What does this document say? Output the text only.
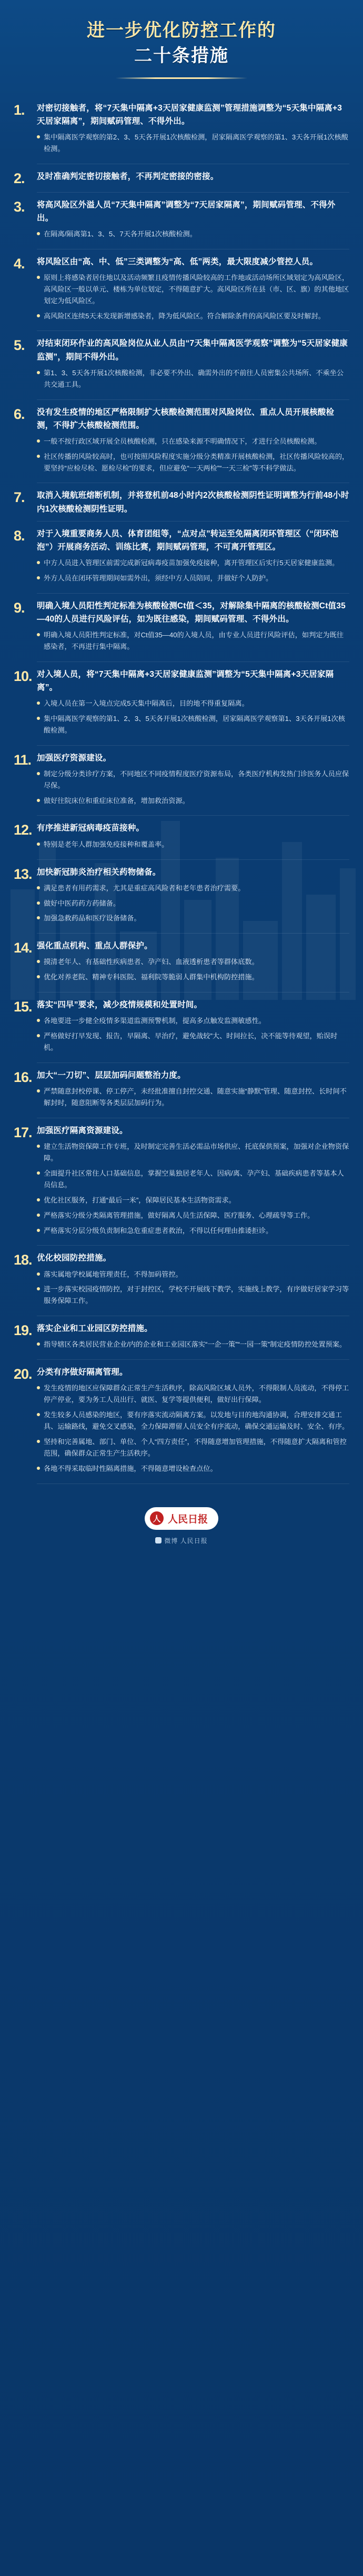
进一步优化防控工作的
二十条措施
1.	对密切接触者，将“7天集中隔离+3天居家健康监测”管理措施调整为“5天集中隔离+3天居家隔离”，期间赋码管理、不得外出。
集中隔离医学观察的第2、3、5天各开展1次核酸检测，居家隔离医学观察的第1、3天各开展1次核酸检测。
2.	及时准确判定密切接触者，不再判定密接的密接。
3.	将高风险区外溢人员“7天集中隔离”调整为“7天居家隔离”，期间赋码管理、不得外出。
在隔离/隔离第1、3、5、7天各开展1次核酸检测。
4.	将风险区由“高、中、低”三类调整为“高、低”两类，最大限度减少管控人员。
原则上将感染者居住地以及活动频繁且疫情传播风险较高的工作地或活动场所区域划定为高风险区，高风险区一般以单元、楼栋为单位划定，不得随意扩大。高风险区所在县（市、区、旗）的其他地区划定为低风险区。
高风险区连续5天未发现新增感染者，降为低风险区。符合解除条件的高风险区要及时解封。
5.	对结束闭环作业的高风险岗位从业人员由“7天集中隔离医学观察”调整为“5天居家健康监测”，期间不得外出。
第1、3、5天各开展1次核酸检测，非必要不外出、确需外出的不前往人员密集公共场所、不乘坐公共交通工具。
6.	没有发生疫情的地区严格限制扩大核酸检测范围对风险岗位、重点人员开展核酸检测，不得扩大核酸检测范围。
一般不按行政区域开展全员核酸检测，只在感染来源不明确情况下，才进行全员核酸检测。
社区传播的风险较高时，也可按照风险程度实施分级分类精准开展核酸检测，社区传播风险较高的，要坚持“应检尽检、愿检尽检”的要求，但应避免“一天两检”“一天三检”等不科学做法。
7.	取消入境航班熔断机制，并将登机前48小时内2次核酸检测阴性证明调整为行前48小时内1次核酸检测阴性证明。
8.	对于入境重要商务人员、体育团组等，“点对点”转运至免隔离闭环管理区（“闭环泡泡”）开展商务活动、训练比赛，期间赋码管理，不可离开管理区。
中方人员进入管理区前需完成新冠病毒疫苗加强免疫接种，离开管理区后实行5天居家健康监测。
外方人员在闭环管理期间如需外出，须经中方人员陪同，并做好个人防护。
9.	明确入境人员阳性判定标准为核酸检测Ct值＜35，对解除集中隔离的核酸检测Ct值35—40的人员进行风险评估，如为既往感染，期间赋码管理、不得外出。
明确入境人员阳性判定标准，对Ct值35—40的入境人员，由专业人员进行风险评估，如判定为既往感染者，不再进行集中隔离。
10. 对入境人员，将“7天集中隔离+3天居家健康监测”调整为“5天集中隔离+3天居家隔离”。
入境人员在第一入境点完成5天集中隔离后，目的地不得重复隔离。
集中隔离医学观察的第1、2、3、5天各开展1次核酸检测，居家隔离医学观察第1、3天各开展1次核酸检测。
11. 加强医疗资源建设。
制定分级分类诊疗方案，不同地区不同疫情程度医疗资源布局，各类医疗机构发热门诊医务人员应保尽保。
做好往院床位和重症床位准备，增加救治资源。
12. 有序推进新冠病毒疫苗接种。
特别是老年人群加强免疫接种和覆盖率。
13. 加快新冠肺炎治疗相关药物储备。
满足患者有用药需求，尤其是重症高风险者和老年患者治疗需要。
做好中医药药方药储备。
加强急救药品和医疗设备储备。
14. 强化重点机构、重点人群保护。
摸清老年人、有基础性疾病患者、孕产妇、血液透析患者等群体底数。
优化对养老院、精神专科医院、福利院等脆弱人群集中机构防控措施。
15. 落实“四早”要求，减少疫情规模和处置时间。
各地要进一步健全疫情多渠道监测预警机制，提高多点触发监测敏感性。
严格做好打早发现、报告，早隔离、早治疗，避免战较”大、时间拉长，决不能等待观望，贻误时机。
16. 加大“一刀切”、层层加码问题整治力度。
严禁随意封校停课、停工停产，未经批准擅自封控交通、随意实施“静默”管理、随意封控、长时间不解封时，随意阻断等各类层层加码行为。
17. 加强医疗隔离资源建设。
建立生活物资保障工作专班，及时制定完善生活必需品市场供应、托底保供预案，加强对企业物资保障。
全面提升社区常住人口基础信息，掌握空巢独居老年人、因病/离、孕产妇、基础疾病患者等基本人员信息。
优化社区服务，打通“最后一米”，保障居民基本生活物资需求。
严格落实分级分类隔离管理措施，做好隔离人员生活保障、医疗服务、心理疏导等工作。
严格落实分层分级负责制和急危重症患者救治，不得以任何理由推诿拒诊。
18. 优化校园防控措施。
落实属地学校属地管理责任，不得加码管控。
进一步落实校园疫情防控，对于封控区，学校不开展线下教学，实施线上教学，有序做好居家学习等服务保障工作。
19. 落实企业和工业园区防控措施。
指导辖区各类居民营业企业/内的企业和工业园区落实“一企一策”“一园一策”制定疫情防控处置预案。
20. 分类有序做好隔离管理。
发生疫情的地区应保障群众正常生产生活秩序，除高风险区域人员外，不得限制人员流动，不得停工停产停业，要为务工人员出行、就医、复学等提供便利，做好出行保障。
发生较多人员感染的地区，要有序落实流动隔离方案。以发地与目的地沟通协调，合理安排交通工具、运输路线，避免交叉感染，全力保障滞留人员安全有序流动，确保交通运输及时、安全、有序。
坚持和完善属地、部门、单位、个人“四方责任”，不得随意增加管理措施，不得随意扩大隔离和管控范围，确保群众正常生产生活秩序。
各地不得采取临时性隔离措施，不得随意增设检查点位。
人 人民日报
微博 人民日报
